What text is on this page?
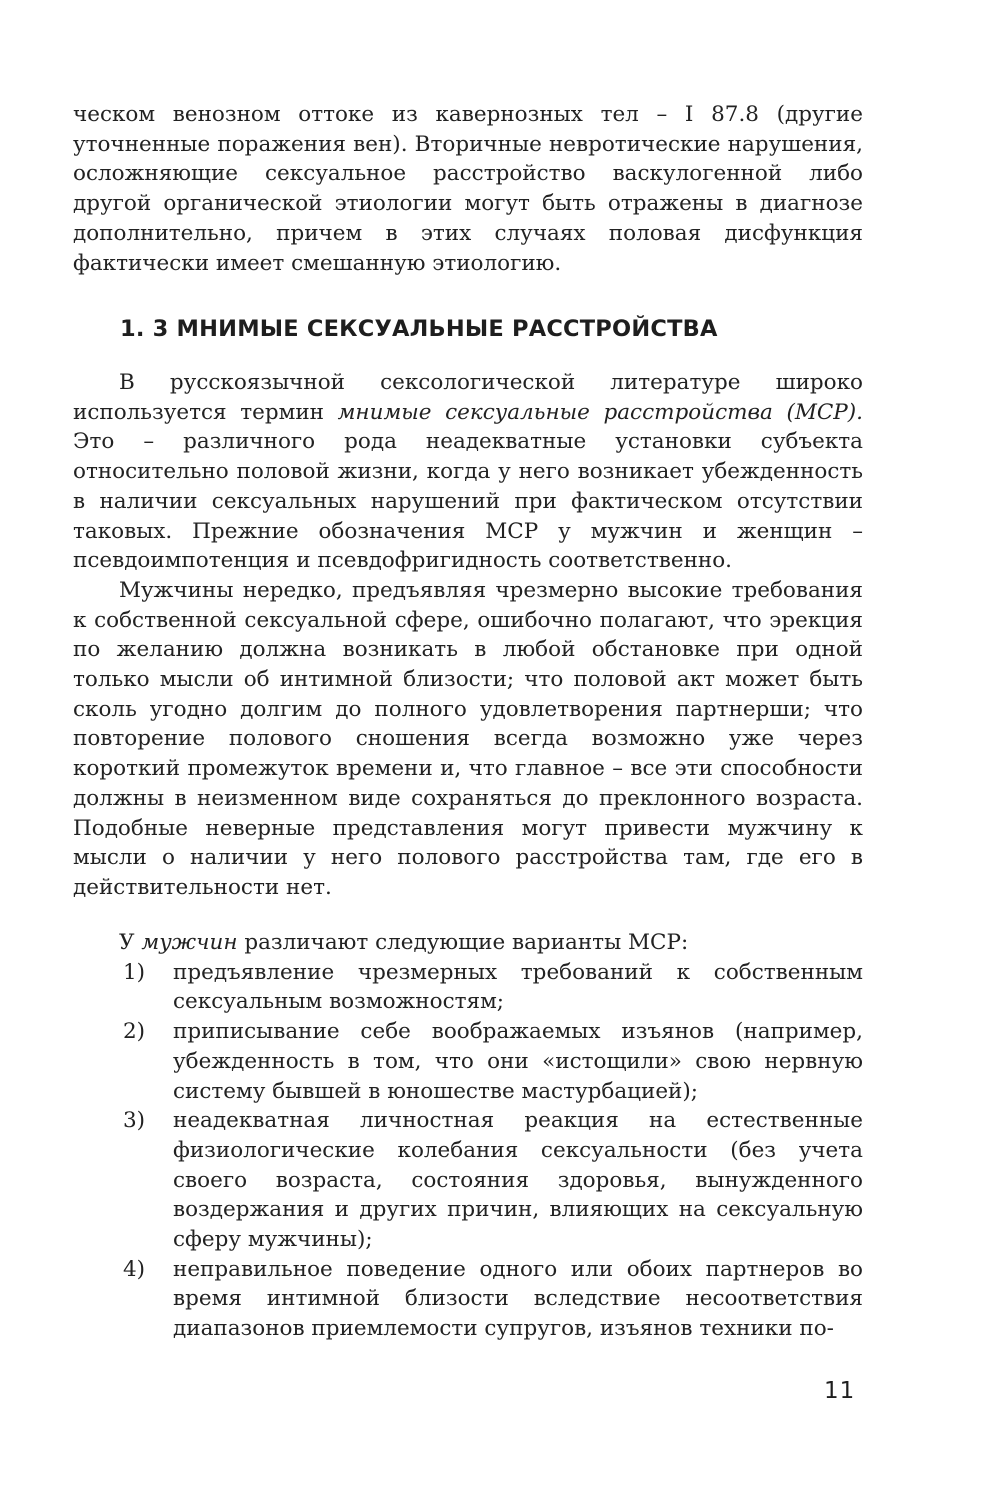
ческом венозном оттоке из кавернозных тел – I 87.8 (другие уточненные поражения вен). Вторичные невротические нарушения, осложняющие сексуальное расстройство васкулогенной либо другой органической этиологии могут быть отражены в диагнозе дополнительно, причем в этих случаях половая дисфункция фактически имеет смешанную этиологию.

1. 3 МНИМЫЕ СЕКСУАЛЬНЫЕ РАССТРОЙСТВА

В русскоязычной сексологической литературе широко используется термин мнимые сексуальные расстройства (МСР). Это – различного рода неадекватные установки субъекта относительно половой жизни, когда у него возникает убежденность в наличии сексуальных нарушений при фактическом отсутствии таковых. Прежние обозначения МСР у мужчин и женщин – псевдоимпотенция и псевдофригидность соответственно.

Мужчины нередко, предъявляя чрезмерно высокие требования к собственной сексуальной сфере, ошибочно полагают, что эрекция по желанию должна возникать в любой обстановке при одной только мысли об интимной близости; что половой акт может быть сколь угодно долгим до полного удовлетворения партнерши; что повторение полового сношения всегда возможно уже через короткий промежуток времени и, что главное – все эти способности должны в неизменном виде сохраняться до преклонного возраста. Подобные неверные представления могут привести мужчину к мысли о наличии у него полового расстройства там, где его в действительности нет.

У мужчин различают следующие варианты МСР:

1) предъявление чрезмерных требований к собственным сексуальным возможностям;
2) приписывание себе воображаемых изъянов (например, убежденность в том, что они «истощили» свою нервную систему бывшей в юношестве мастурбацией);
3) неадекватная личностная реакция на естественные физиологические колебания сексуальности (без учета своего возраста, состояния здоровья, вынужденного воздержания и других причин, влияющих на сексуальную сферу мужчины);
4) неправильное поведение одного или обоих партнеров во время интимной близости вследствие несоответствия диапазонов приемлемости супругов, изъянов техники по-
11
